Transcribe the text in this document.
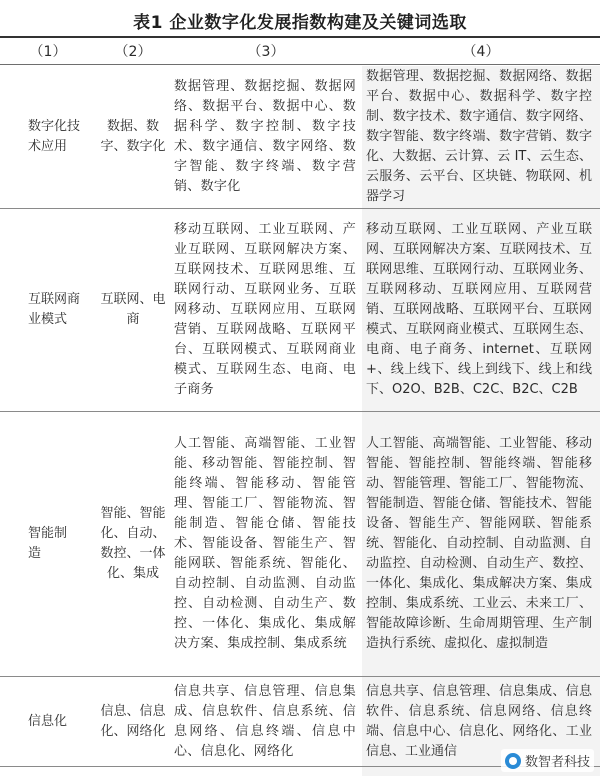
表1 企业数字化发展指数构建及关键词选取
（1）	（2）	（3）	（4）
数字化技术应用	数据、数字、数字化	数据管理、数据挖掘、数据网络、数据平台、数据中心、数据科学、数字控制、数字技术、数字通信、数字网络、数字智能、数字终端、数字营销、数字化	数据管理、数据挖掘、数据网络、数据平台、数据中心、数据科学、数字控制、数字技术、数字通信、数字网络、数字智能、数字终端、数字营销、数字化、大数据、云计算、云 IT、云生态、云服务、云平台、区块链、物联网、机器学习
互联网商业模式	互联网、电商	移动互联网、工业互联网、产业互联网、互联网解决方案、互联网技术、互联网思维、互联网行动、互联网业务、互联网移动、互联网应用、互联网营销、互联网战略、互联网平台、互联网模式、互联网商业模式、互联网生态、电商、电子商务	移动互联网、工业互联网、产业互联网、互联网解决方案、互联网技术、互联网思维、互联网行动、互联网业务、互联网移动、互联网应用、互联网营销、互联网战略、互联网平台、互联网模式、互联网商业模式、互联网生态、电商、电子商务、internet、互联网 +、线上线下、线上到线下、线上和线下、O2O、B2B、C2C、B2C、C2B
智能制造	智能、智能化、自动、数控、一体化、集成	人工智能、高端智能、工业智能、移动智能、智能控制、智能终端、智能移动、智能管理、智能工厂、智能物流、智能制造、智能仓储、智能技术、智能设备、智能生产、智能网联、智能系统、智能化、自动控制、自动监测、自动监控、自动检测、自动生产、数控、一体化、集成化、集成解决方案、集成控制、集成系统	人工智能、高端智能、工业智能、移动智能、智能控制、智能终端、智能移动、智能管理、智能工厂、智能物流、智能制造、智能仓储、智能技术、智能设备、智能生产、智能网联、智能系统、智能化、自动控制、自动监测、自动监控、自动检测、自动生产、数控、一体化、集成化、集成解决方案、集成控制、集成系统、工业云、未来工厂、智能故障诊断、生命周期管理、生产制造执行系统、虚拟化、虚拟制造
信息化	信息、信息化、网络化	信息共享、信息管理、信息集成、信息软件、信息系统、信息网络、信息终端、信息中心、信息化、网络化	信息共享、信息管理、信息集成、信息软件、信息系统、信息网络、信息终端、信息中心、信息化、网络化、工业信息、工业通信
数智者科技
